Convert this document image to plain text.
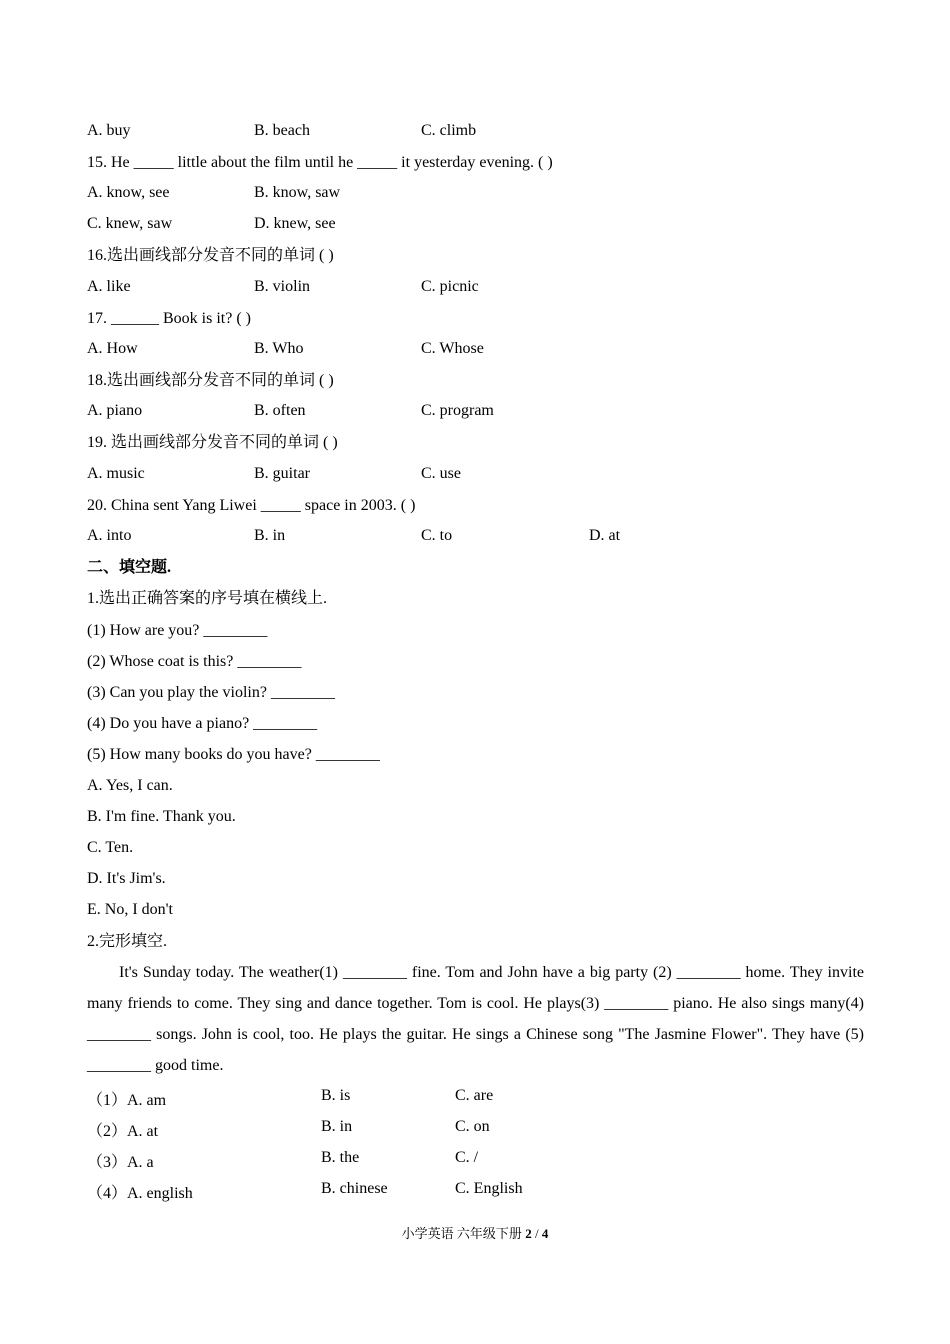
A. buy	B. beach	C. climb
15. He _____ little about the film until he _____ it yesterday evening. ( )
A. know, see	B. know, saw
C. knew, saw	D. knew, see
16.选出画线部分发音不同的单词 ( )
A. like	B. violin	C. picnic
17. ______ Book is it? ( )
A. How	B. Who	C. Whose
18.选出画线部分发音不同的单词 ( )
A. piano	B. often	C. program
19. 选出画线部分发音不同的单词 ( )
A. music	B. guitar	C. use
20. China sent Yang Liwei _____ space in 2003. ( )
A. into	B. in	C. to	D. at
二、填空题.
1.选出正确答案的序号填在横线上.
(1) How are you? ________
(2) Whose coat is this? ________
(3) Can you play the violin? ________
(4) Do you have a piano? ________
(5) How many books do you have? ________
A. Yes, I can.
B. I'm fine. Thank you.
C. Ten.
D. It's Jim's.
E. No, I don't
2.完形填空.
It's Sunday today. The weather(1) ________ fine. Tom and John have a big party (2) ________ home. They invite many friends to come. They sing and dance together. Tom is cool. He plays(3) ________ piano. He also sings many(4) ________ songs. John is cool, too. He plays the guitar. He sings a Chinese song "The Jasmine Flower". They have (5) ________ good time.
（1）A. am	B. is	C. are
（2）A. at	B. in	C. on
（3）A. a	B. the	C. /
（4）A. english	B. chinese	C. English
小学英语 六年级下册 2 / 4
